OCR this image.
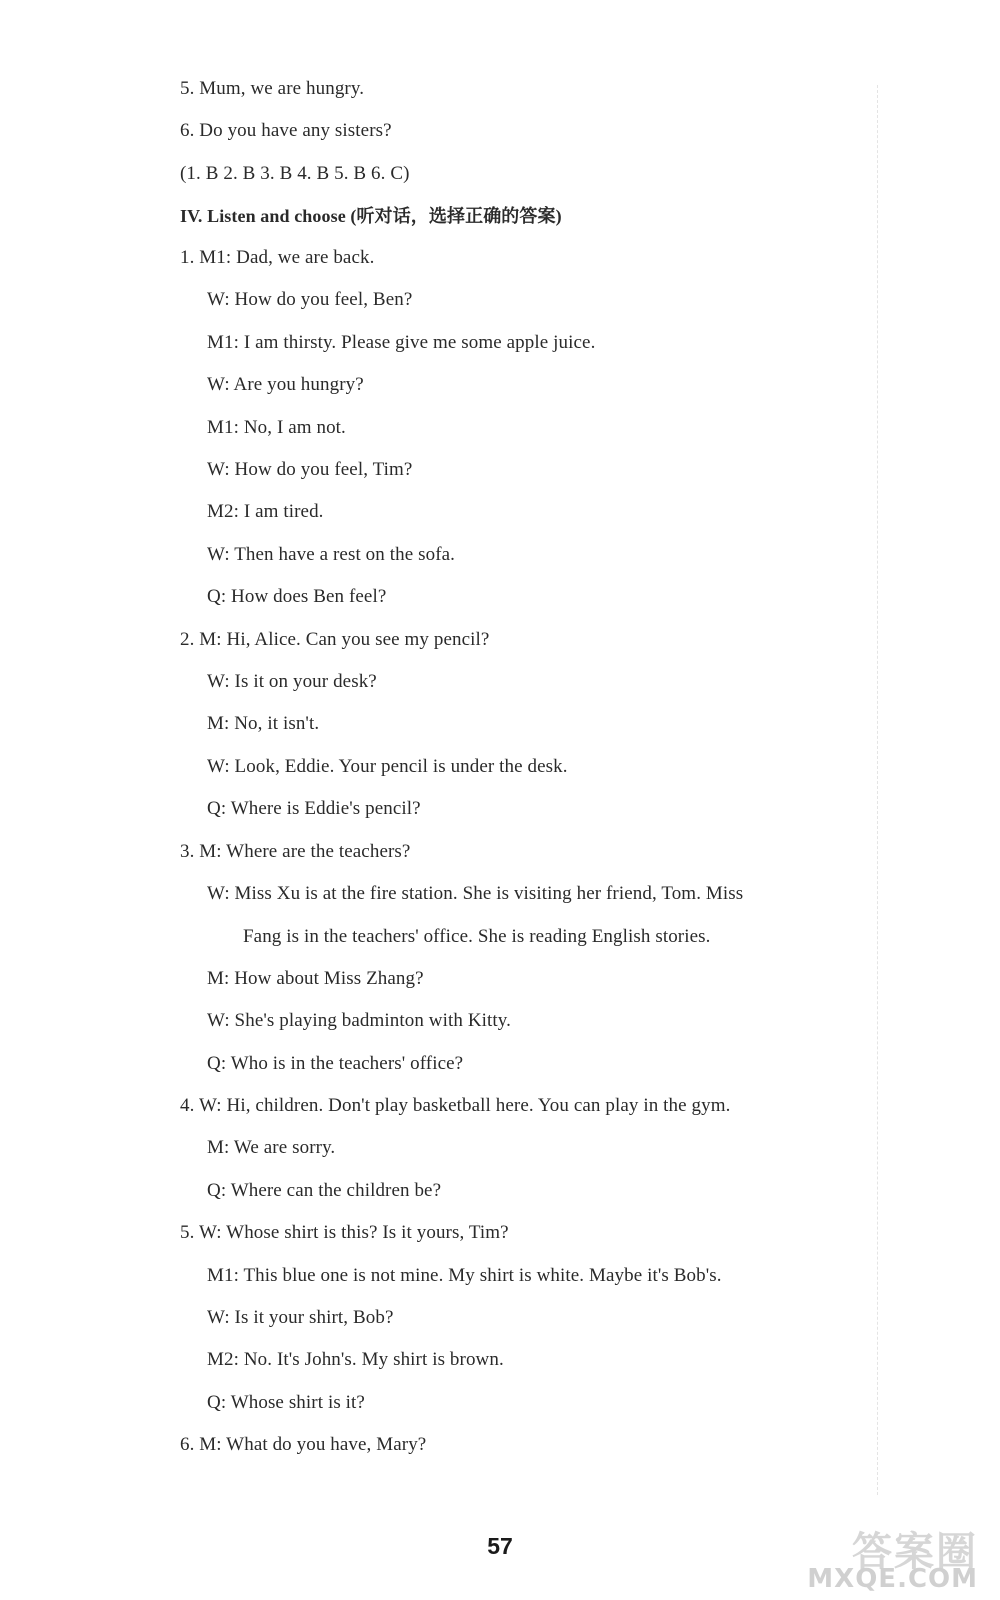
5. Mum, we are hungry.
6. Do you have any sisters?
(1. B 2. B 3. B 4. B 5. B 6. C)
IV. Listen and choose (听对话，选择正确的答案)
1. M1: Dad, we are back.
W: How do you feel, Ben?
M1: I am thirsty. Please give me some apple juice.
W: Are you hungry?
M1: No, I am not.
W: How do you feel, Tim?
M2: I am tired.
W: Then have a rest on the sofa.
Q: How does Ben feel?
2. M: Hi, Alice. Can you see my pencil?
W: Is it on your desk?
M: No, it isn't.
W: Look, Eddie. Your pencil is under the desk.
Q: Where is Eddie's pencil?
3. M: Where are the teachers?
W: Miss Xu is at the fire station. She is visiting her friend, Tom. Miss
Fang is in the teachers' office. She is reading English stories.
M: How about Miss Zhang?
W: She's playing badminton with Kitty.
Q: Who is in the teachers' office?
4. W: Hi, children. Don't play basketball here. You can play in the gym.
M: We are sorry.
Q: Where can the children be?
5. W: Whose shirt is this? Is it yours, Tim?
M1: This blue one is not mine. My shirt is white. Maybe it's Bob's.
W: Is it your shirt, Bob?
M2: No. It's John's. My shirt is brown.
Q: Whose shirt is it?
6. M: What do you have, Mary?
57	答案圈
MXQE.COM
